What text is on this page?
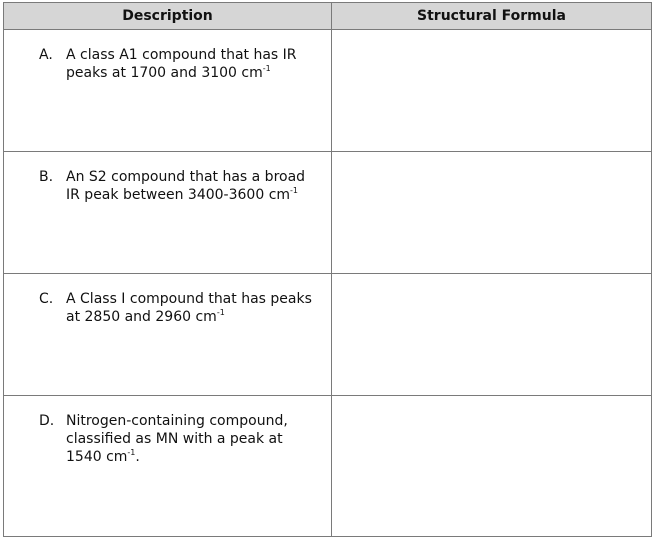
Description	Structural Formula

A. A class A1 compound that has IR peaks at 1700 and 3100 $cm^{-1}$

B. An S2 compound that has a broad IR peak between 3400-3600 $cm^{-1}$

C. A Class I compound that has peaks at 2850 and 2960 $cm^{-1}$

D. Nitrogen-containing compound, classified as MN with a peak at 1540 $cm^{-1}$.	
